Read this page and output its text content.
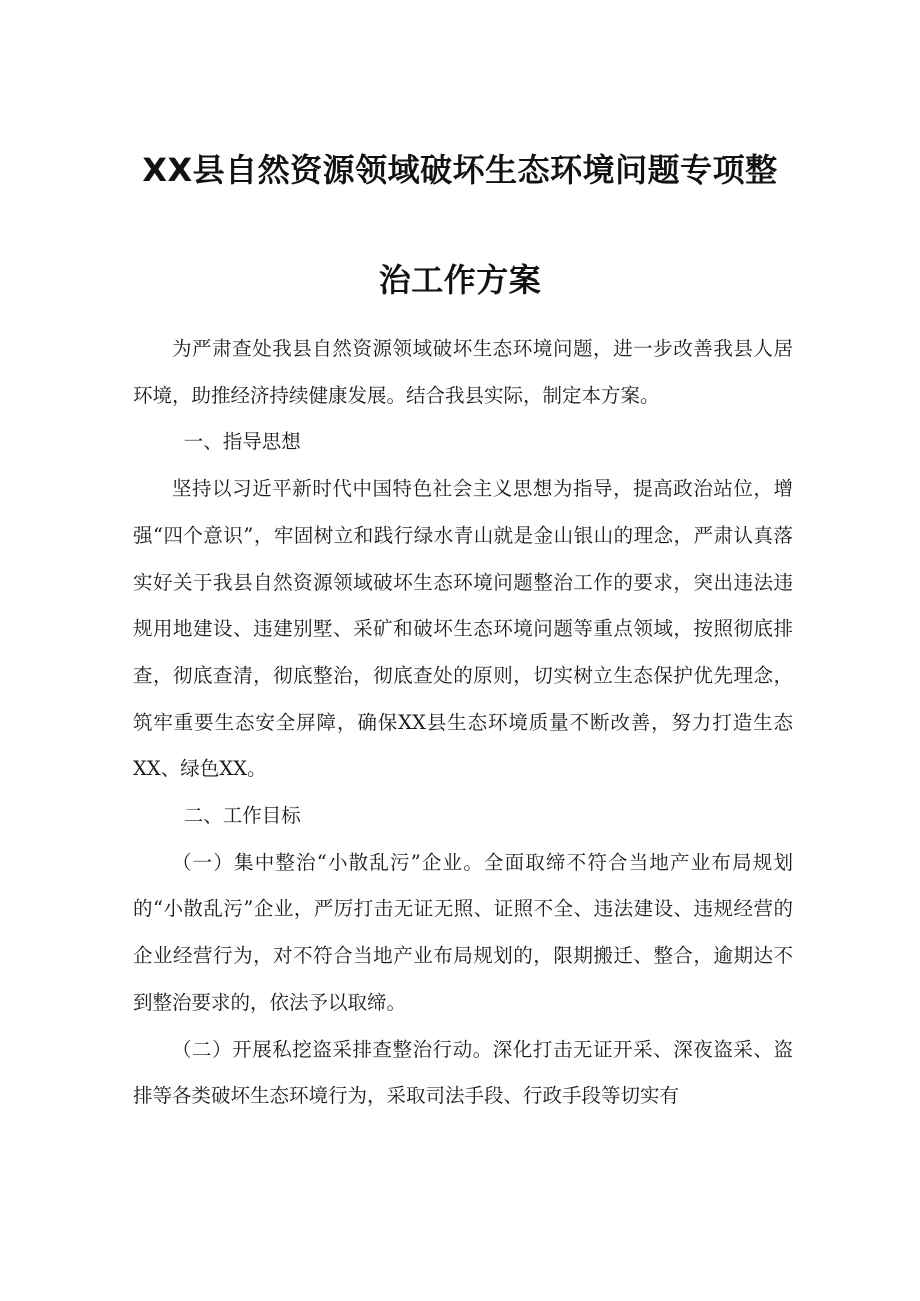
XX县自然资源领域破坏生态环境问题专项整
治工作方案

为严肃查处我县自然资源领域破坏生态环境问题，进一步改善我县人居环境，助推经济持续健康发展。结合我县实际，制定本方案。

一、指导思想

坚持以习近平新时代中国特色社会主义思想为指导，提高政治站位，增强“四个意识”，牢固树立和践行绿水青山就是金山银山的理念，严肃认真落实好关于我县自然资源领域破坏生态环境问题整治工作的要求，突出违法违规用地建设、违建别墅、采矿和破坏生态环境问题等重点领域，按照彻底排查，彻底查清，彻底整治，彻底查处的原则，切实树立生态保护优先理念，筑牢重要生态安全屏障，确保XX县生态环境质量不断改善，努力打造生态XX、绿色XX。

二、工作目标

（一）集中整治“小散乱污”企业。全面取缔不符合当地产业布局规划的“小散乱污”企业，严厉打击无证无照、证照不全、违法建设、违规经营的企业经营行为，对不符合当地产业布局规划的，限期搬迁、整合，逾期达不到整治要求的，依法予以取缔。

（二）开展私挖盗采排查整治行动。深化打击无证开采、深夜盗采、盗排等各类破坏生态环境行为，采取司法手段、行政手段等切实有
